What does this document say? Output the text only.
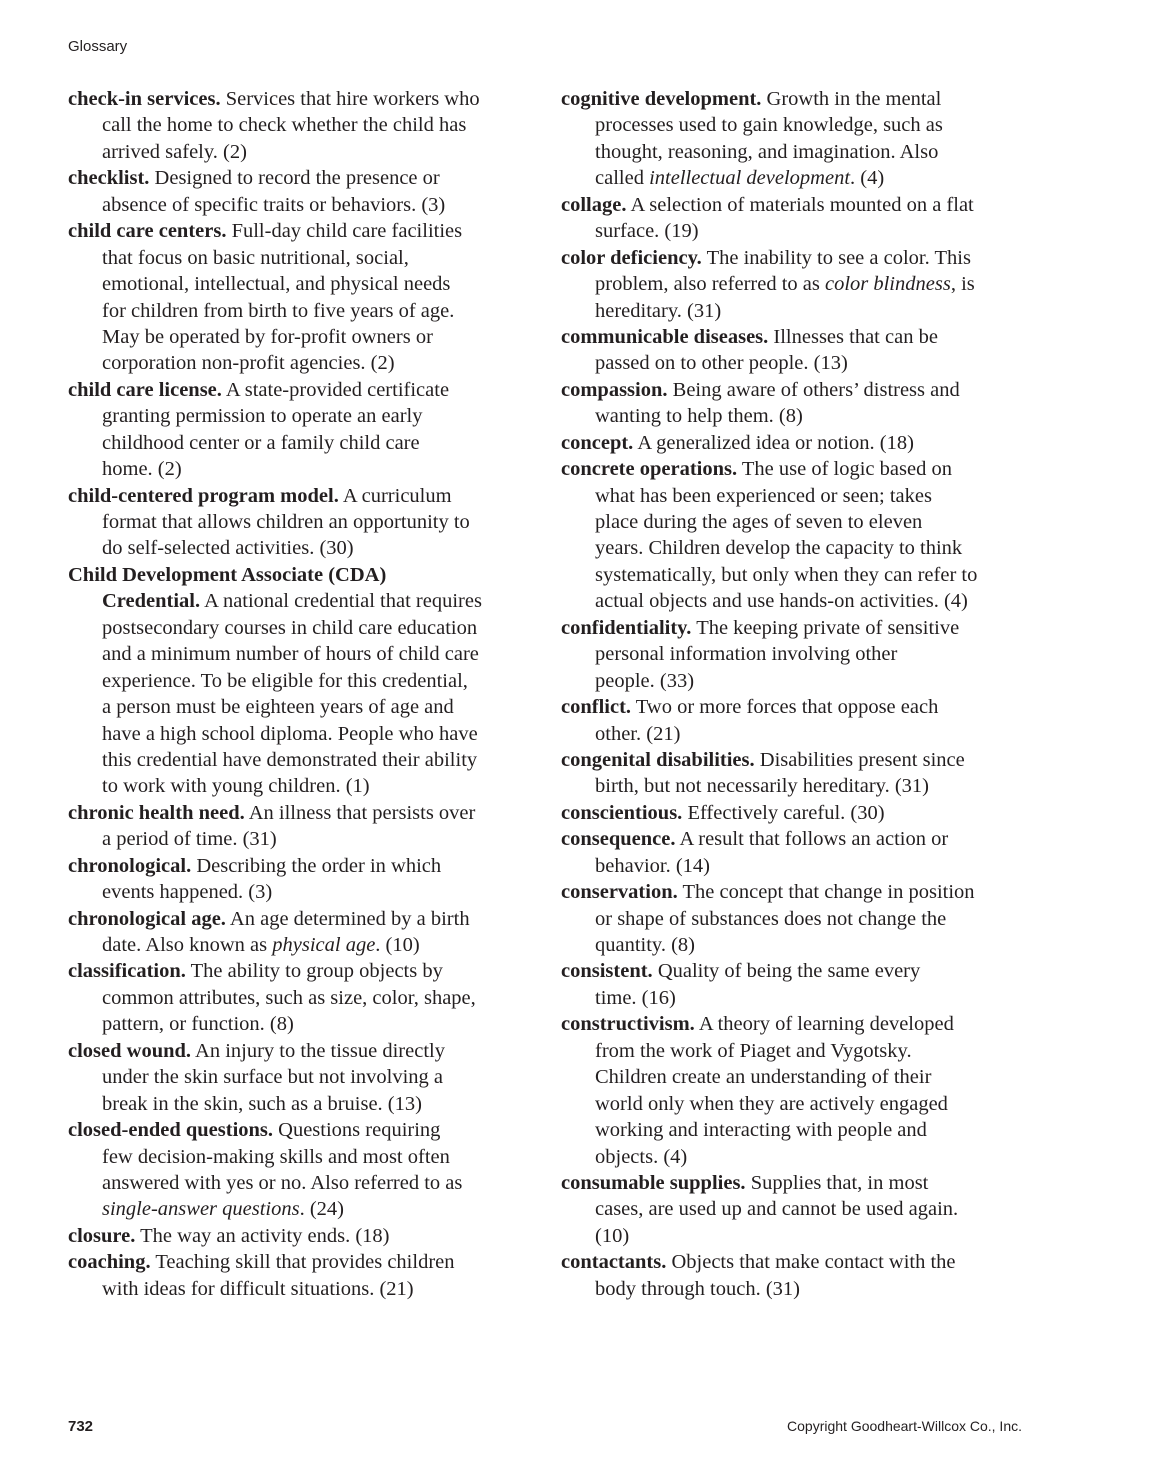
Glossary
check-in services. Services that hire workers who
call the home to check whether the child has
arrived safely. (2)
checklist. Designed to record the presence or
absence of specific traits or behaviors. (3)
child care centers. Full-day child care facilities
that focus on basic nutritional, social,
emotional, intellectual, and physical needs
for children from birth to five years of age.
May be operated by for-profit owners or
corporation non-profit agencies. (2)
child care license. A state-provided certificate
granting permission to operate an early
childhood center or a family child care
home. (2)
child-centered program model. A curriculum
format that allows children an opportunity to
do self-selected activities. (30)
Child Development Associate (CDA)
Credential. A national credential that requires
postsecondary courses in child care education
and a minimum number of hours of child care
experience. To be eligible for this credential,
a person must be eighteen years of age and
have a high school diploma. People who have
this credential have demonstrated their ability
to work with young children. (1)
chronic health need. An illness that persists over
a period of time. (31)
chronological. Describing the order in which
events happened. (3)
chronological age. An age determined by a birth
date. Also known as physical age. (10)
classification. The ability to group objects by
common attributes, such as size, color, shape,
pattern, or function. (8)
closed wound. An injury to the tissue directly
under the skin surface but not involving a
break in the skin, such as a bruise. (13)
closed-ended questions. Questions requiring
few decision-making skills and most often
answered with yes or no. Also referred to as
single-answer questions. (24)
closure. The way an activity ends. (18)
coaching. Teaching skill that provides children
with ideas for difficult situations. (21)
cognitive development. Growth in the mental
processes used to gain knowledge, such as
thought, reasoning, and imagination. Also
called intellectual development. (4)
collage. A selection of materials mounted on a flat
surface. (19)
color deficiency. The inability to see a color. This
problem, also referred to as color blindness, is
hereditary. (31)
communicable diseases. Illnesses that can be
passed on to other people. (13)
compassion. Being aware of others’ distress and
wanting to help them. (8)
concept. A generalized idea or notion. (18)
concrete operations. The use of logic based on
what has been experienced or seen; takes
place during the ages of seven to eleven
years. Children develop the capacity to think
systematically, but only when they can refer to
actual objects and use hands-on activities. (4)
confidentiality. The keeping private of sensitive
personal information involving other
people. (33)
conflict. Two or more forces that oppose each
other. (21)
congenital disabilities. Disabilities present since
birth, but not necessarily hereditary. (31)
conscientious. Effectively careful. (30)
consequence. A result that follows an action or
behavior. (14)
conservation. The concept that change in position
or shape of substances does not change the
quantity. (8)
consistent. Quality of being the same every
time. (16)
constructivism. A theory of learning developed
from the work of Piaget and Vygotsky.
Children create an understanding of their
world only when they are actively engaged
working and interacting with people and
objects. (4)
consumable supplies. Supplies that, in most
cases, are used up and cannot be used again.
(10)
contactants. Objects that make contact with the
body through touch. (31)
732	Copyright Goodheart-Willcox Co., Inc.
